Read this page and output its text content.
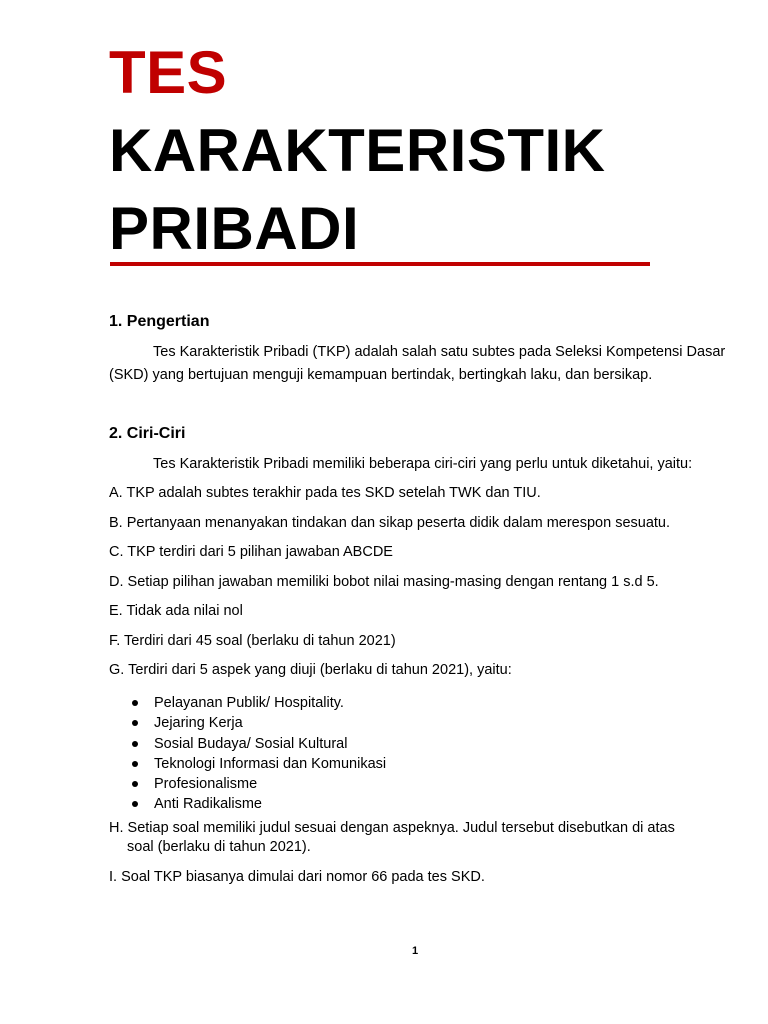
TES
KARAKTERISTIK
PRIBADI
1. Pengertian
Tes Karakteristik Pribadi (TKP) adalah salah satu subtes pada Seleksi Kompetensi Dasar (SKD) yang bertujuan menguji kemampuan bertindak, bertingkah laku, dan bersikap.
2. Ciri-Ciri
Tes Karakteristik Pribadi memiliki beberapa ciri-ciri yang perlu untuk diketahui, yaitu:
A. TKP adalah subtes terakhir pada tes SKD setelah TWK dan TIU.
B. Pertanyaan menanyakan tindakan dan sikap peserta didik dalam merespon sesuatu.
C. TKP terdiri dari 5 pilihan jawaban ABCDE
D. Setiap pilihan jawaban memiliki bobot nilai masing-masing dengan rentang 1 s.d 5.
E. Tidak ada nilai nol
F. Terdiri dari 45 soal (berlaku di tahun 2021)
G. Terdiri dari 5 aspek yang diuji (berlaku di tahun 2021), yaitu:
Pelayanan Publik/ Hospitality.
Jejaring Kerja
Sosial Budaya/ Sosial Kultural
Teknologi Informasi dan Komunikasi
Profesionalisme
Anti Radikalisme
H. Setiap soal memiliki judul sesuai dengan aspeknya. Judul tersebut disebutkan di atas
soal (berlaku di tahun 2021).
I. Soal TKP biasanya dimulai dari nomor 66 pada tes SKD.
1
